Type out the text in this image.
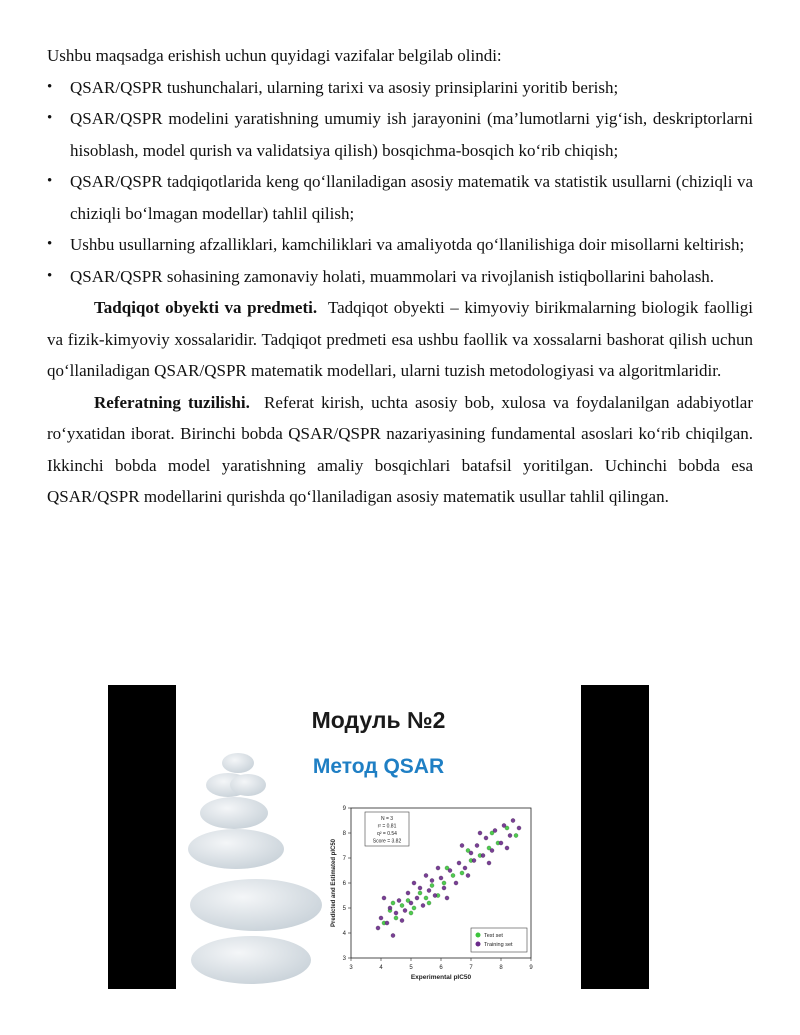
Ushbu maqsadga erishish uchun quyidagi vazifalar belgilab olindi:

•	QSAR/QSPR tushunchalari, ularning tarixi va asosiy prinsiplarini yoritib berish;
•	QSAR/QSPR modelini yaratishning umumiy ish jarayonini (ma’lumotlarni yig‘ish, deskriptorlarni hisoblash, model qurish va validatsiya qilish) bosqichma-bosqich ko‘rib chiqish;
•	QSAR/QSPR tadqiqotlarida keng qo‘llaniladigan asosiy matematik va statistik usullarni (chiziqli va chiziqli bo‘lmagan modellar) tahlil qilish;
•	Ushbu usullarning afzalliklari, kamchiliklari va amaliyotda qo‘llanilishiga doir misollarni keltirish;
•	QSAR/QSPR sohasining zamonaviy holati, muammolari va rivojlanish istiqbollarini baholash.

Tadqiqot obyekti va predmeti. Tadqiqot obyekti – kimyoviy birikmalarning biologik faolligi va fizik-kimyoviy xossalaridir. Tadqiqot predmeti esa ushbu faollik va xossalarni bashorat qilish uchun qo‘llaniladigan QSAR/QSPR matematik modellari, ularni tuzish metodologiyasi va algoritmlaridir.

Referatning tuzilishi. Referat kirish, uchta asosiy bob, xulosa va foydalanilgan adabiyotlar ro‘yxatidan iborat. Birinchi bobda QSAR/QSPR nazariyasining fundamental asoslari ko‘rib chiqilgan. Ikkinchi bobda model yaratishning amaliy bosqichlari batafsil yoritilgan. Uchinchi bobda esa QSAR/QSPR modellarini qurishda qo‘llaniladigan asosiy matematik usullar tahlil qilingan.

Модуль №2
Метод QSAR
3	4	5	6	7	8	9
3
4
5
6
7
8
9
Experimental pIC50
Predicted and Estimated pIC50
N = 3
r² = 0.81
q² = 0.54
Score = 3.82
Test set
Training set
